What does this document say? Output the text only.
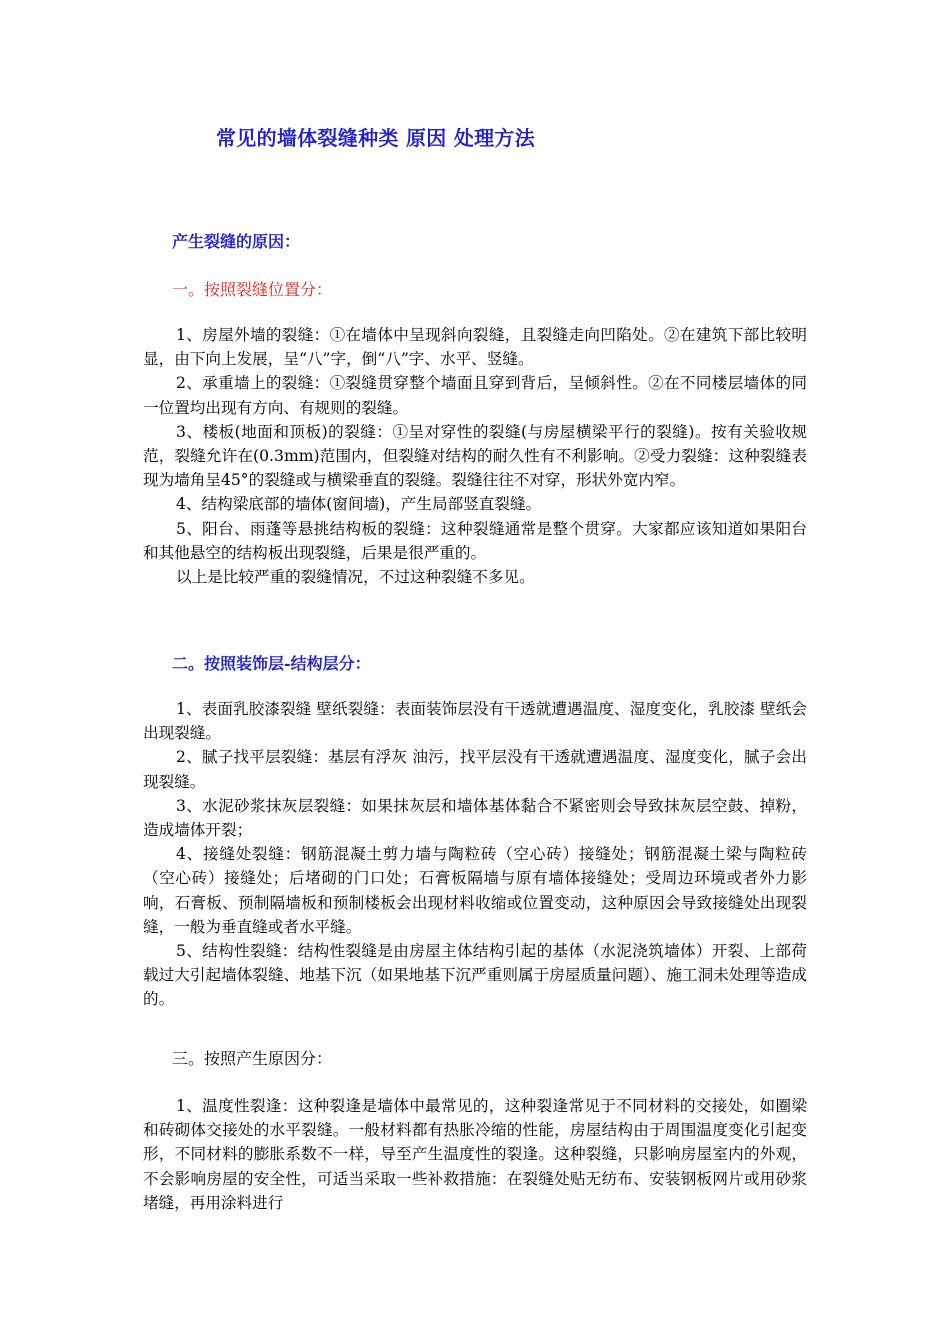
常见的墙体裂缝种类 原因 处理方法
产生裂缝的原因：
一。按照裂缝位置分：

1、房屋外墙的裂缝：①在墙体中呈现斜向裂缝，且裂缝走向凹陷处。②在建筑下部比较明显，由下向上发展，呈“八”字，倒“八”字、水平、竖缝。

2、承重墙上的裂缝：①裂缝贯穿整个墙面且穿到背后，呈倾斜性。②在不同楼层墙体的同一位置均出现有方向、有规则的裂缝。

3、楼板(地面和顶板)的裂缝：①呈对穿性的裂缝(与房屋横梁平行的裂缝)。按有关验收规范，裂缝允许在(0.3mm)范围内，但裂缝对结构的耐久性有不利影响。②受力裂缝：这种裂缝表现为墙角呈45°的裂缝或与横梁垂直的裂缝。裂缝往往不对穿，形状外宽内窄。

4、结构梁底部的墙体(窗间墙)，产生局部竖直裂缝。

5、阳台、雨蓬等悬挑结构板的裂缝：这种裂缝通常是整个贯穿。大家都应该知道如果阳台和其他悬空的结构板出现裂缝，后果是很严重的。

以上是比较严重的裂缝情况，不过这种裂缝不多见。

二。按照装饰层-结构层分：

1、表面乳胶漆裂缝 壁纸裂缝：表面装饰层没有干透就遭遇温度、湿度变化，乳胶漆 壁纸会出现裂缝。

2、腻子找平层裂缝：基层有浮灰 油污，找平层没有干透就遭遇温度、湿度变化，腻子会出现裂缝。

3、水泥砂浆抹灰层裂缝：如果抹灰层和墙体基体黏合不紧密则会导致抹灰层空鼓、掉粉，造成墙体开裂；

4、接缝处裂缝：钢筋混凝土剪力墙与陶粒砖（空心砖）接缝处；钢筋混凝土梁与陶粒砖（空心砖）接缝处；后堵砌的门口处；石膏板隔墙与原有墙体接缝处；受周边环境或者外力影响，石膏板、预制隔墙板和预制楼板会出现材料收缩或位置变动，这种原因会导致接缝处出现裂缝，一般为垂直缝或者水平缝。

5、结构性裂缝：结构性裂缝是由房屋主体结构引起的基体（水泥浇筑墙体）开裂、上部荷载过大引起墙体裂缝、地基下沉（如果地基下沉严重则属于房屋质量问题）、施工洞未处理等造成的。

三。按照产生原因分：

1、温度性裂逢：这种裂逢是墙体中最常见的，这种裂逢常见于不同材料的交接处，如圈梁和砖砌体交接处的水平裂缝。一般材料都有热胀冷缩的性能，房屋结构由于周围温度变化引起变形，不同材料的膨胀系数不一样，导至产生温度性的裂逢。这种裂缝，只影响房屋室内的外观，不会影响房屋的安全性，可适当采取一些补救措施：在裂缝处贴无纺布、安装钢板网片或用砂浆堵缝，再用涂料进行
